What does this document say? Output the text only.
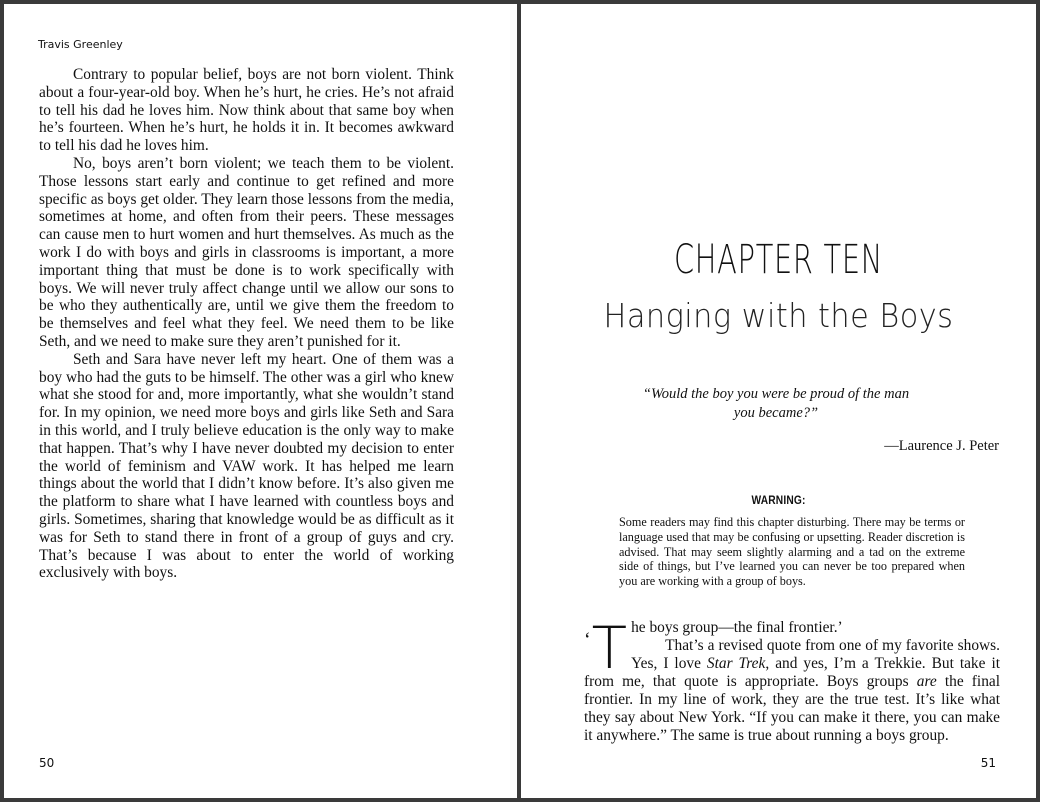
Travis Greenley

Contrary to popular belief, boys are not born violent. Think about a four-year-old boy. When he’s hurt, he cries. He’s not afraid to tell his dad he loves him. Now think about that same boy when he’s fourteen. When he’s hurt, he holds it in. It becomes awkward to tell his dad he loves him.

No, boys aren’t born violent; we teach them to be violent. Those lessons start early and continue to get refined and more specific as boys get older. They learn those lessons from the media, sometimes at home, and often from their peers. These messages can cause men to hurt women and hurt themselves. As much as the work I do with boys and girls in classrooms is important, a more important thing that must be done is to work specifically with boys. We will never truly affect change until we allow our sons to be who they authentically are, until we give them the freedom to be themselves and feel what they feel. We need them to be like Seth, and we need to make sure they aren’t punished for it.

Seth and Sara have never left my heart. One of them was a boy who had the guts to be himself. The other was a girl who knew what she stood for and, more importantly, what she wouldn’t stand for. In my opinion, we need more boys and girls like Seth and Sara in this world, and I truly believe education is the only way to make that happen. That’s why I have never doubted my decision to enter the world of feminism and VAW work. It has helped me learn things about the world that I didn’t know before. It’s also given me the platform to share what I have learned with countless boys and girls. Sometimes, sharing that knowledge would be as difficult as it was for Seth to stand there in front of a group of guys and cry. That’s because I was about to enter the world of working exclusively with boys.

50
CHAPTER TEN
Hanging with the Boys
“Would the boy you were be proud of the man you became?”
—Laurence J. Peter
WARNING:
Some readers may find this chapter disturbing. There may be terms or language used that may be confusing or upsetting. Reader discretion is advised. That may seem slightly alarming and a tad on the extreme side of things, but I’ve learned you can never be too prepared when you are working with a group of boys.

‘T he boys group—the final frontier.’

That’s a revised quote from one of my favorite shows. Yes, I love Star Trek, and yes, I’m a Trekkie. But take it from me, that quote is appropriate. Boys groups are the final frontier. In my line of work, they are the true test. It’s like what they say about New York. “If you can make it there, you can make it anywhere.” The same is true about running a boys group.

51
